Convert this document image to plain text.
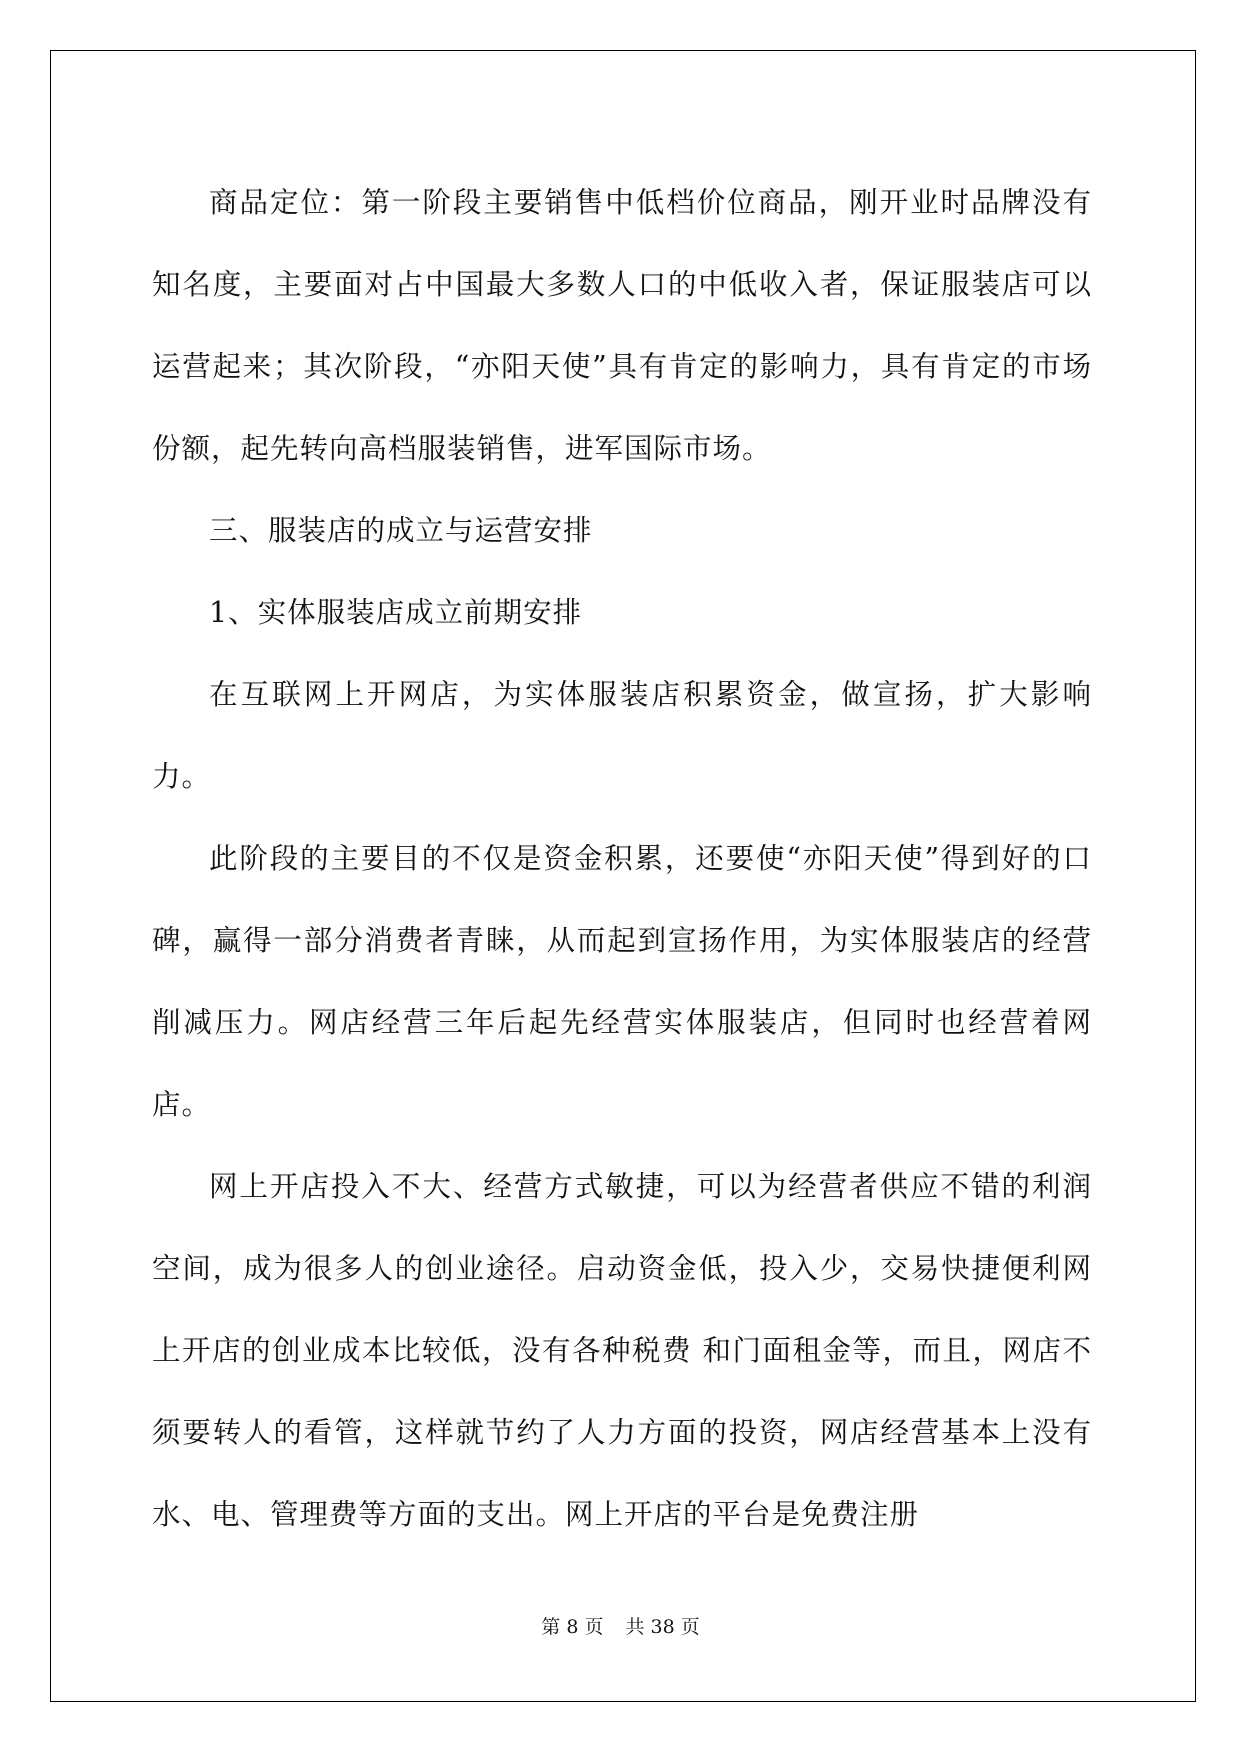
商品定位：第一阶段主要销售中低档价位商品，刚开业时品牌没有知名度，主要面对占中国最大多数人口的中低收入者，保证服装店可以运营起来；其次阶段，“亦阳天使”具有肯定的影响力，具有肯定的市场份额，起先转向高档服装销售，进军国际市场。

三、服装店的成立与运营安排

1、实体服装店成立前期安排

在互联网上开网店，为实体服装店积累资金，做宣扬，扩大影响力。

此阶段的主要目的不仅是资金积累，还要使“亦阳天使”得到好的口碑，赢得一部分消费者青睐，从而起到宣扬作用，为实体服装店的经营削减压力。网店经营三年后起先经营实体服装店，但同时也经营着网店。

网上开店投入不大、经营方式敏捷，可以为经营者供应不错的利润空间，成为很多人的创业途径。启动资金低，投入少，交易快捷便利网上开店的创业成本比较低，没有各种税费 和门面租金等，而且，网店不须要转人的看管，这样就节约了人力方面的投资，网店经营基本上没有水、电、管理费等方面的支出。网上开店的平台是免费注册

第 8 页 共 38 页
